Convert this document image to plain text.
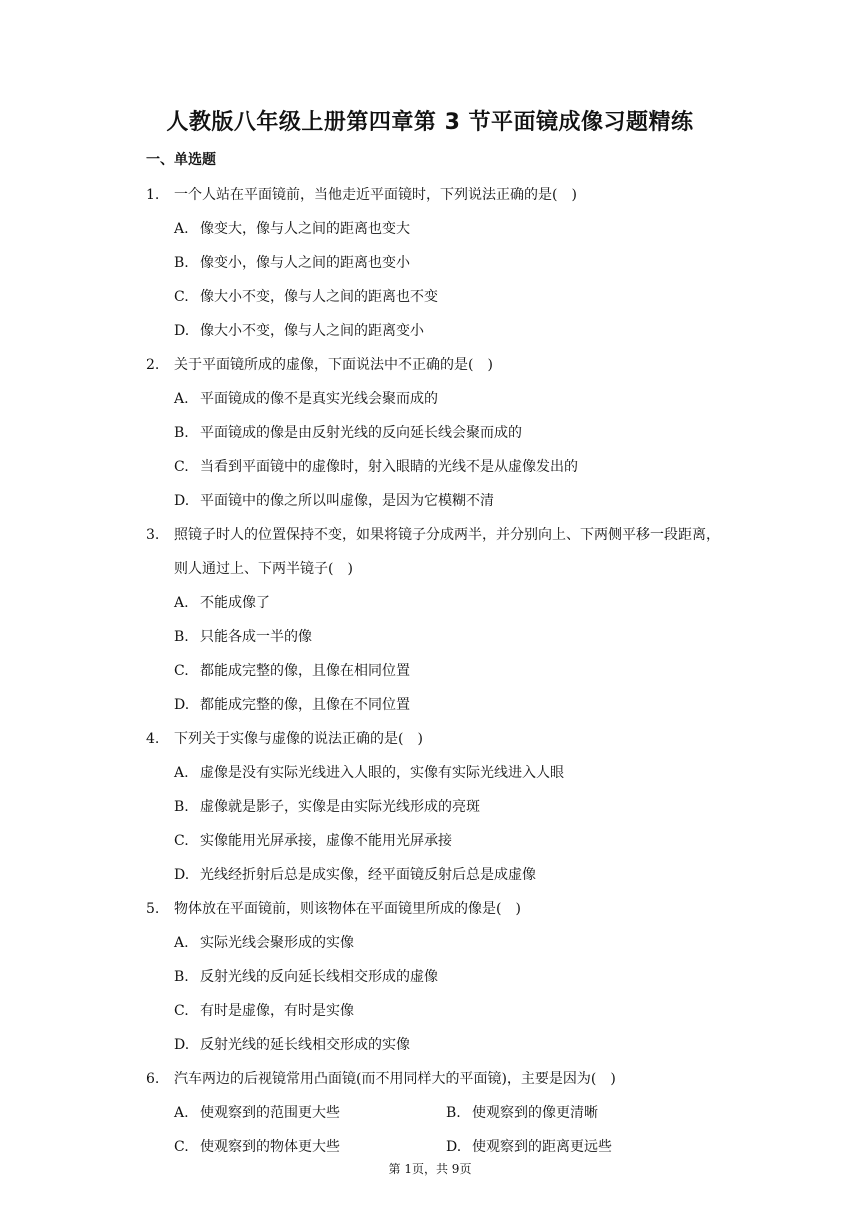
人教版八年级上册第四章第 3 节平面镜成像习题精练
一、单选题
1. 一个人站在平面镜前，当他走近平面镜时，下列说法正确的是(　)
A. 像变大，像与人之间的距离也变大
B. 像变小，像与人之间的距离也变小
C. 像大小不变，像与人之间的距离也不变
D. 像大小不变，像与人之间的距离变小
2. 关于平面镜所成的虚像，下面说法中不正确的是(　)
A. 平面镜成的像不是真实光线会聚而成的
B. 平面镜成的像是由反射光线的反向延长线会聚而成的
C. 当看到平面镜中的虚像时，射入眼睛的光线不是从虚像发出的
D. 平面镜中的像之所以叫虚像，是因为它模糊不清
3. 照镜子时人的位置保持不变，如果将镜子分成两半，并分别向上、下两侧平移一段距离，则人通过上、下两半镜子(　)
A. 不能成像了
B. 只能各成一半的像
C. 都能成完整的像，且像在相同位置
D. 都能成完整的像，且像在不同位置
4. 下列关于实像与虚像的说法正确的是(　)
A. 虚像是没有实际光线进入人眼的，实像有实际光线进入人眼
B. 虚像就是影子，实像是由实际光线形成的亮斑
C. 实像能用光屏承接，虚像不能用光屏承接
D. 光线经折射后总是成实像，经平面镜反射后总是成虚像
5. 物体放在平面镜前，则该物体在平面镜里所成的像是(　)
A. 实际光线会聚形成的实像
B. 反射光线的反向延长线相交形成的虚像
C. 有时是虚像，有时是实像
D. 反射光线的延长线相交形成的实像
6. 汽车两边的后视镜常用凸面镜(而不用同样大的平面镜)，主要是因为(　)
A. 使观察到的范围更大些	B. 使观察到的像更清晰
C. 使观察到的物体更大些	D. 使观察到的距离更远些
第 1页，共 9页
